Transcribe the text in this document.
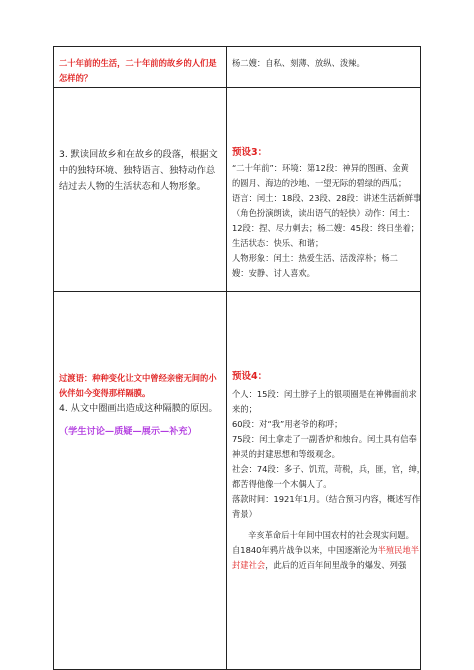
二十年前的生活，二十年前的故乡的人们是

怎样的？

杨二嫂：自私、刻薄、放纵、泼辣。

3. 默读回故乡和在故乡的段落，根据文

中的独特环境、独特语言、独特动作总

结过去人物的生活状态和人物形象。

预设3：

“二十年前”：环境：第12段：神异的图画、金黄

的圆月、海边的沙地、一望无际的碧绿的西瓜；

语言：闰土：18段、23段、28段：讲述生活新鲜事

（角色扮演朗读，读出语气的轻快）动作：闰土：

12段：捏、尽力刺去；杨二嫂：45段：终日坐着；

生活状态：快乐、和谐；

人物形象：闰土：热爱生活、活泼淳朴；杨二

嫂：安静、讨人喜欢。

过渡语：种种变化让文中曾经亲密无间的小

伙伴如今变得那样隔膜。

4. 从文中圈画出造成这种隔膜的原因。

（学生讨论—质疑—展示—补充）

预设4：

个人：15段：闰土脖子上的银项圈是在神佛面前求

来的；

60段：对“我”用老爷的称呼；

75段：闰土拿走了一副香炉和烛台。闰土具有信奉

神灵的封建思想和等级观念。

社会：74段：多子、饥荒，苛税，兵，匪，官，绅，

都苦得他像一个木偶人了。

落款时间：1921年1月。（结合预习内容，概述写作

背景）

辛亥革命后十年间中国农村的社会现实问题。

自1840年鸦片战争以来，中国逐渐沦为半殖民地半

封建社会，此后的近百年间里战争的爆发、列强
